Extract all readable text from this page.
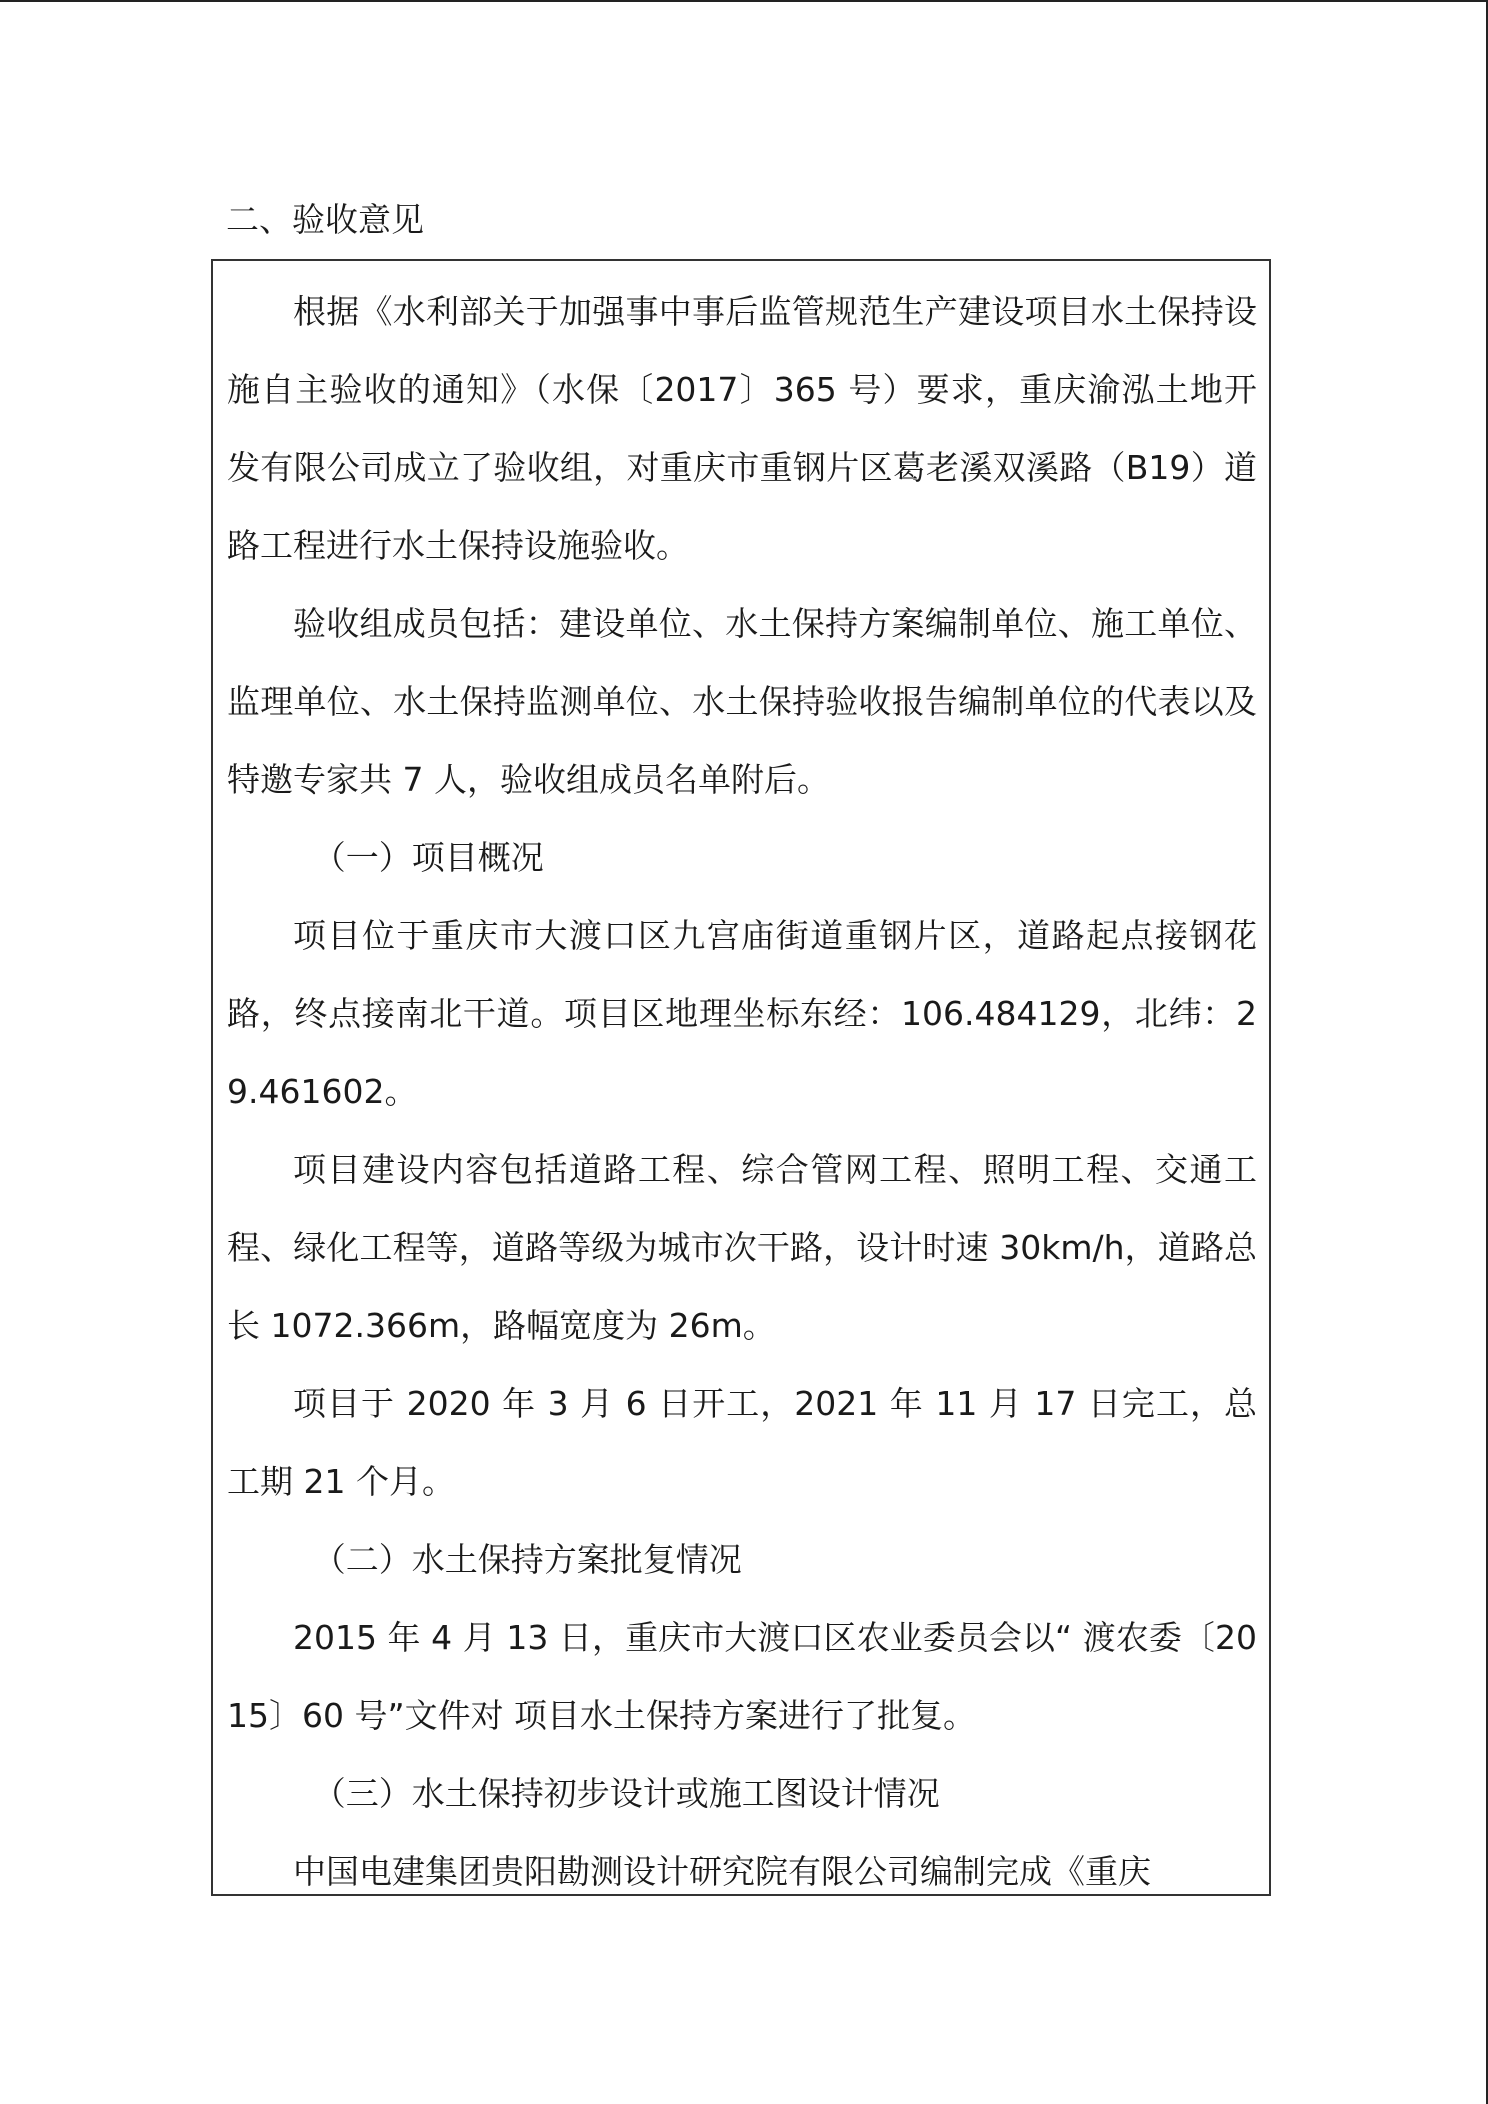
二、验收意见

根据《水利部关于加强事中事后监管规范生产建设项目水土保持设施自主验收的通知》（水保〔2017〕365 号）要求，重庆渝泓土地开发有限公司成立了验收组，对重庆市重钢片区葛老溪双溪路（B19）道路工程进行水土保持设施验收。

验收组成员包括：建设单位、水土保持方案编制单位、施工单位、监理单位、水土保持监测单位、水土保持验收报告编制单位的代表以及特邀专家共 7 人，验收组成员名单附后。

（一）项目概况

项目位于重庆市大渡口区九宫庙街道重钢片区，道路起点接钢花路，终点接南北干道。项目区地理坐标东经：106.484129，北纬：29.461602。

项目建设内容包括道路工程、综合管网工程、照明工程、交通工程、绿化工程等，道路等级为城市次干路，设计时速 30km/h，道路总长 1072.366m，路幅宽度为 26m。

项目于 2020 年 3 月 6 日开工，2021 年 11 月 17 日完工，总工期 21 个月。

（二）水土保持方案批复情况

2015 年 4 月 13 日，重庆市大渡口区农业委员会以“ 渡农委〔2015〕60 号”文件对 项目水土保持方案进行了批复。

（三）水土保持初步设计或施工图设计情况

中国电建集团贵阳勘测设计研究院有限公司编制完成《重庆
